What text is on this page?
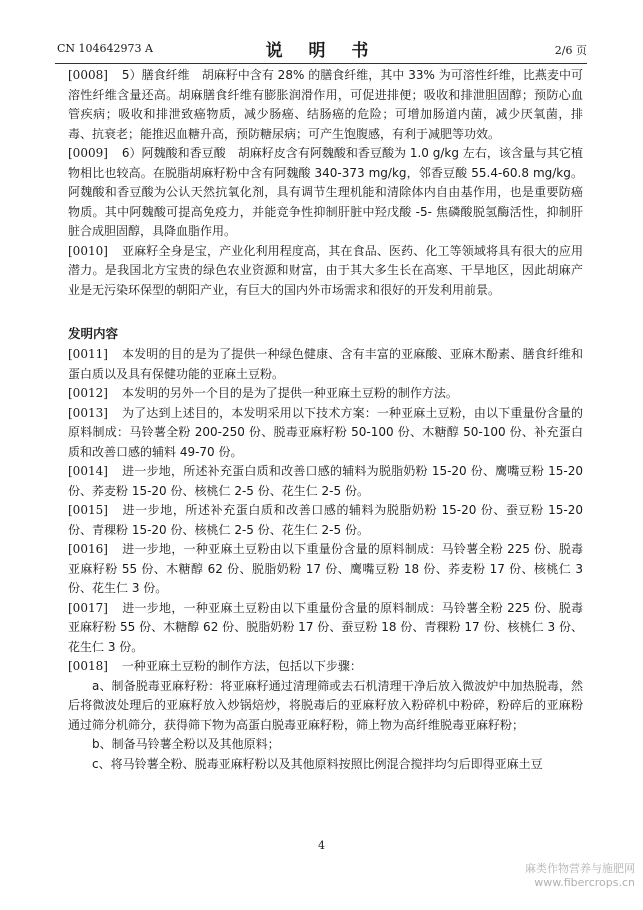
CN 104642973 A	说 明 书	2/6 页

[0008] 5）膳食纤维　胡麻籽中含有 28% 的膳食纤维，其中 33% 为可溶性纤维，比燕麦中可溶性纤维含量还高。胡麻膳食纤维有膨胀润滑作用，可促进排便；吸收和排泄胆固醇；预防心血管疾病；吸收和排泄致癌物质，减少肠癌、结肠癌的危险；可增加肠道内菌，减少厌氧菌，排毒、抗衰老；能推迟血糖升高，预防糖尿病；可产生饱腹感，有利于减肥等功效。

[0009] 6）阿魏酸和香豆酸　胡麻籽皮含有阿魏酸和香豆酸为 1.0 g/kg 左右，该含量与其它植物相比也较高。在脱脂胡麻籽粉中含有阿魏酸 340-373 mg/kg，邻香豆酸 55.4-60.8 mg/kg。阿魏酸和香豆酸为公认天然抗氧化剂，具有调节生理机能和清除体内自由基作用，也是重要防癌物质。其中阿魏酸可提高免疫力，并能竞争性抑制肝脏中羟戊酸 -5- 焦磷酸脱氢酶活性，抑制肝脏合成胆固醇，具降血脂作用。

[0010] 亚麻籽全身是宝，产业化利用程度高，其在食品、医药、化工等领域将具有很大的应用潜力。是我国北方宝贵的绿色农业资源和财富，由于其大多生长在高寒、干旱地区，因此胡麻产业是无污染环保型的朝阳产业，有巨大的国内外市场需求和很好的开发利用前景。

发明内容

[0011] 本发明的目的是为了提供一种绿色健康、含有丰富的亚麻酸、亚麻木酚素、膳食纤维和蛋白质以及具有保健功能的亚麻土豆粉。

[0012] 本发明的另外一个目的是为了提供一种亚麻土豆粉的制作方法。

[0013] 为了达到上述目的，本发明采用以下技术方案：一种亚麻土豆粉，由以下重量份含量的原料制成：马铃薯全粉 200-250 份、脱毒亚麻籽粉 50-100 份、木糖醇 50-100 份、补充蛋白质和改善口感的辅料 49-70 份。

[0014] 进一步地，所述补充蛋白质和改善口感的辅料为脱脂奶粉 15-20 份、鹰嘴豆粉 15-20 份、荞麦粉 15-20 份、核桃仁 2-5 份、花生仁 2-5 份。

[0015] 进一步地，所述补充蛋白质和改善口感的辅料为脱脂奶粉 15-20 份、蚕豆粉 15-20 份、青稞粉 15-20 份、核桃仁 2-5 份、花生仁 2-5 份。

[0016] 进一步地，一种亚麻土豆粉由以下重量份含量的原料制成：马铃薯全粉 225 份、脱毒亚麻籽粉 55 份、木糖醇 62 份、脱脂奶粉 17 份、鹰嘴豆粉 18 份、荞麦粉 17 份、核桃仁 3 份、花生仁 3 份。

[0017] 进一步地，一种亚麻土豆粉由以下重量份含量的原料制成：马铃薯全粉 225 份、脱毒亚麻籽粉 55 份、木糖醇 62 份、脱脂奶粉 17 份、蚕豆粉 18 份、青稞粉 17 份、核桃仁 3 份、花生仁 3 份。

[0018] 一种亚麻土豆粉的制作方法，包括以下步骤：

a、制备脱毒亚麻籽粉：将亚麻籽通过清理筛或去石机清理干净后放入微波炉中加热脱毒，然后将微波处理后的亚麻籽放入炒锅焙炒，将脱毒后的亚麻籽放入粉碎机中粉碎，粉碎后的亚麻粉通过筛分机筛分，获得筛下物为高蛋白脱毒亚麻籽粉，筛上物为高纤维脱毒亚麻籽粉；

b、制备马铃薯全粉以及其他原料；

c、将马铃薯全粉、脱毒亚麻籽粉以及其他原料按照比例混合搅拌均匀后即得亚麻土豆

4
麻类作物营养与施肥网
www.fibercrops.cn
